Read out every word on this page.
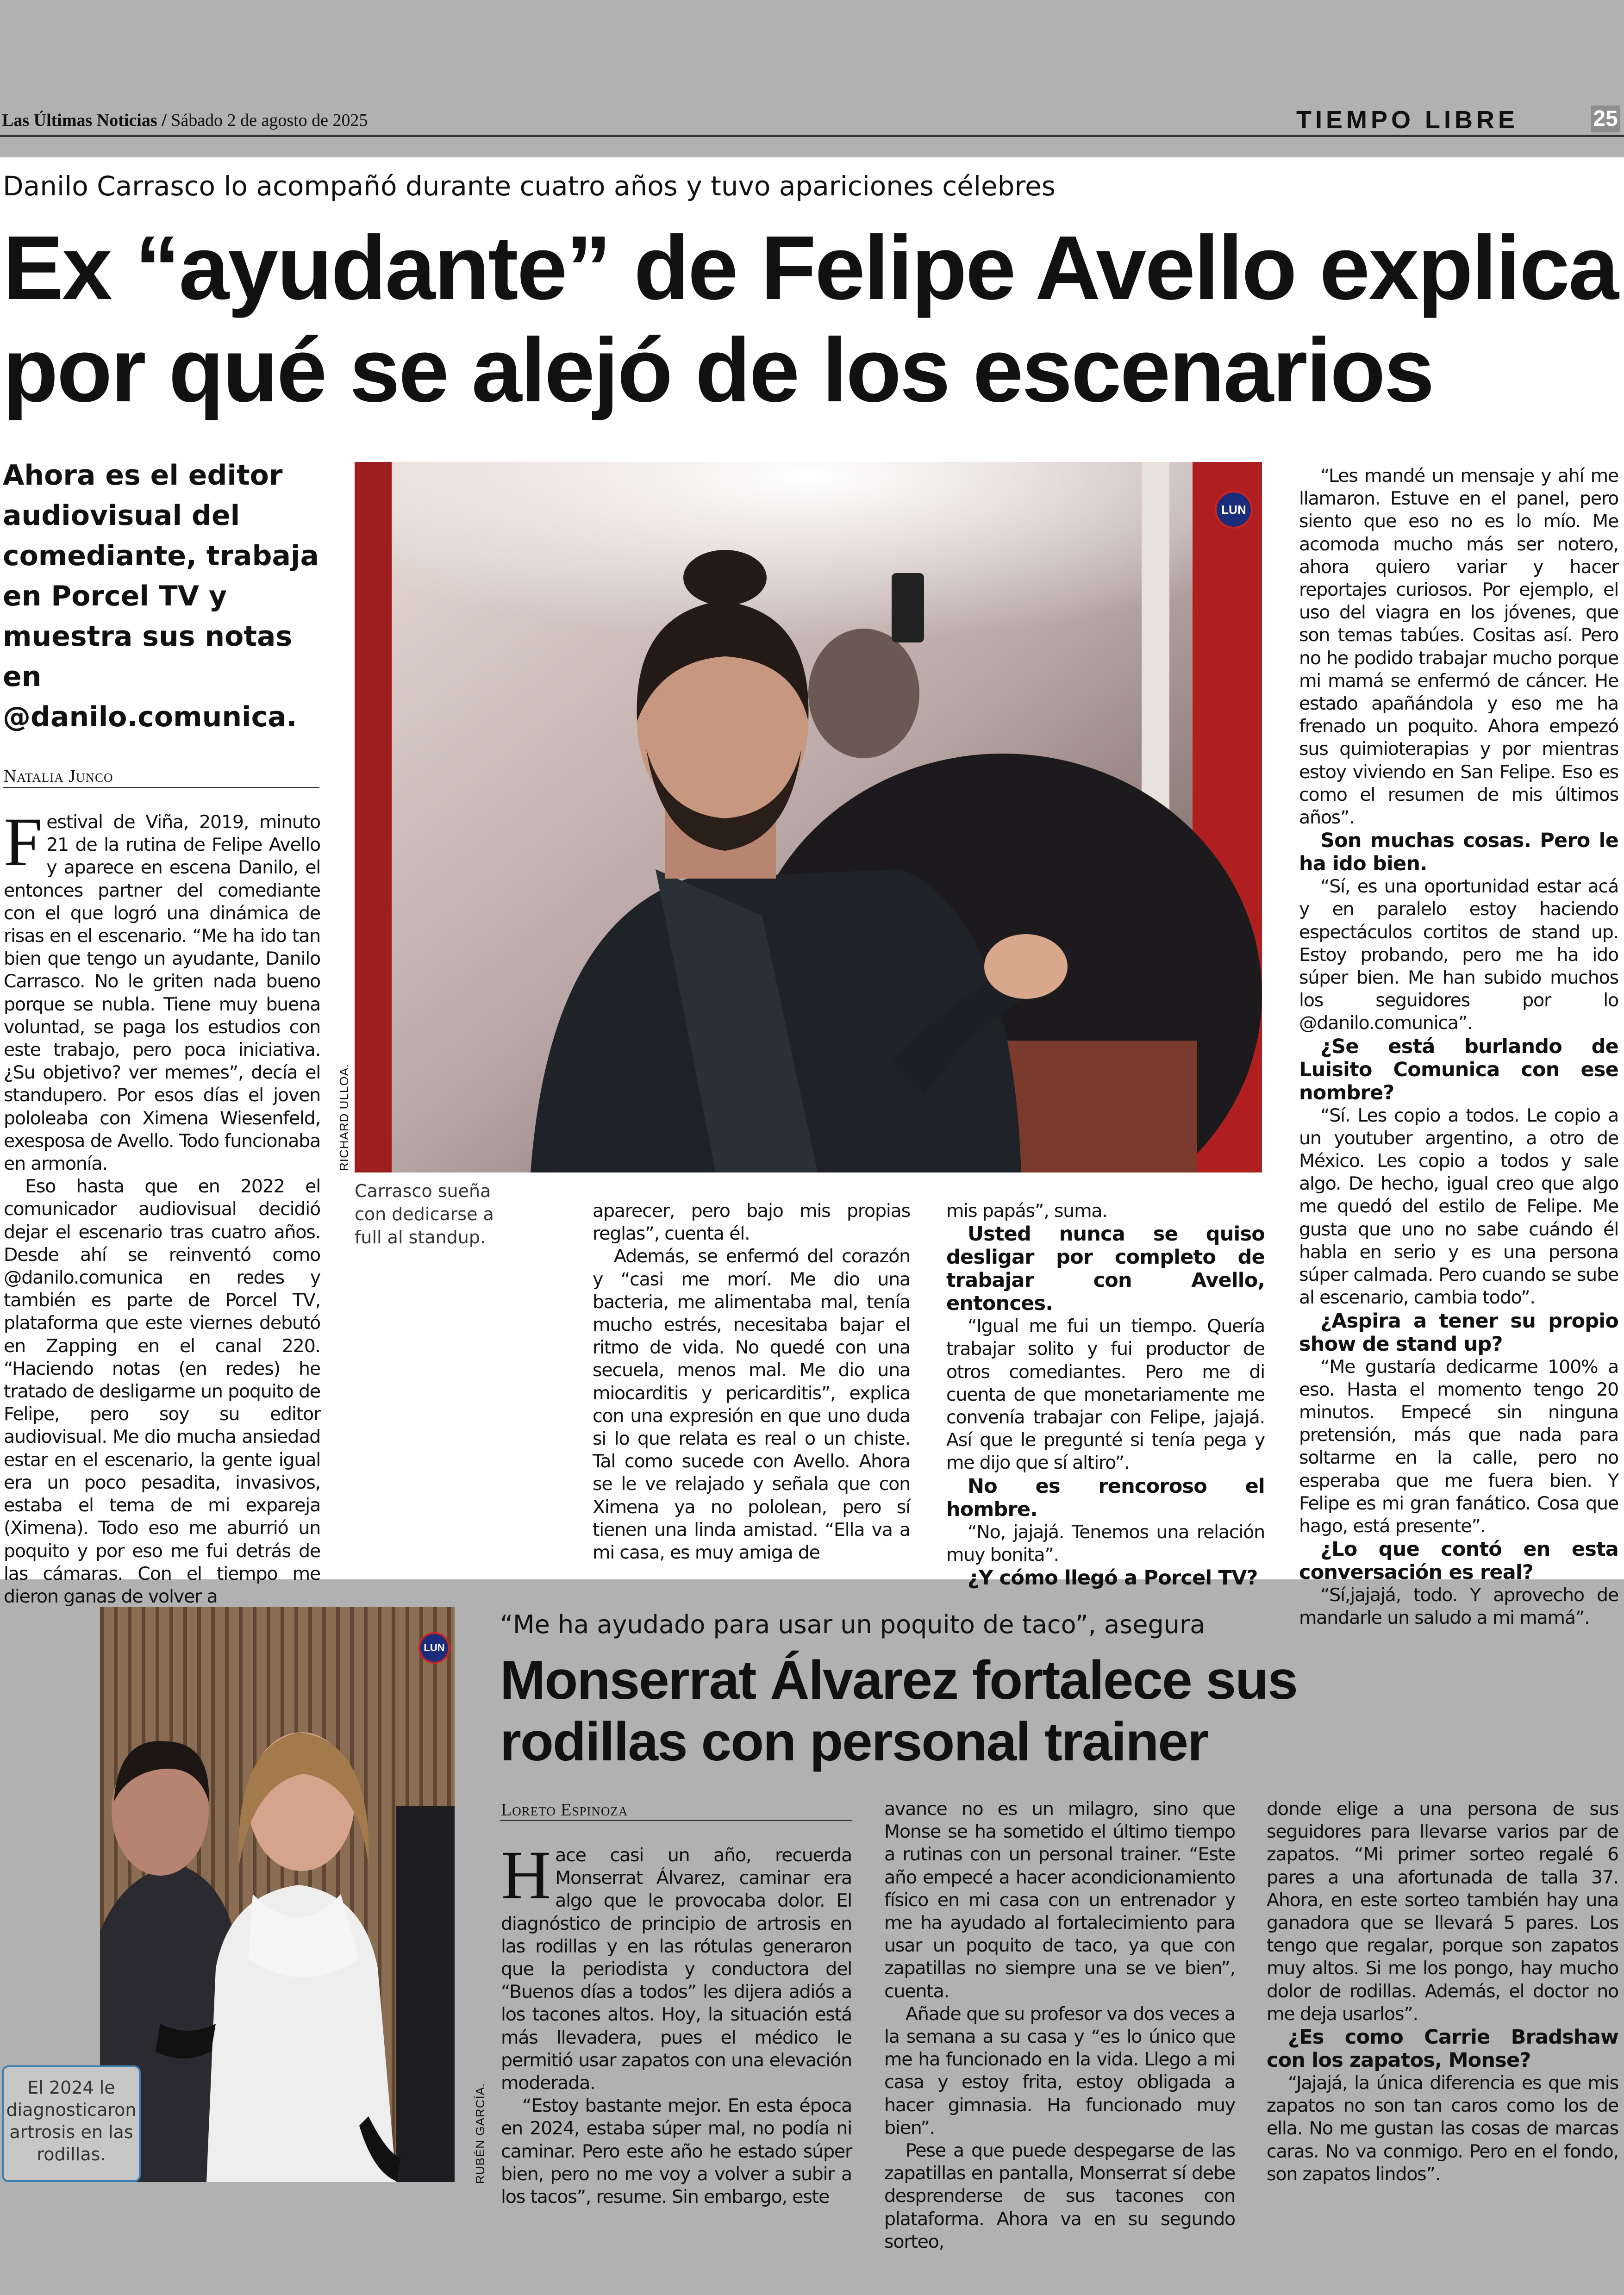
Las Últimas Noticias / Sábado 2 de agosto de 2025	TIEMPO LIBRE	25
Danilo Carrasco lo acompañó durante cuatro años y tuvo apariciones célebres
Ex “ayudante” de Felipe Avello explica
por qué se alejó de los escenarios
Ahora es el editor
audiovisual del
comediante, trabaja
en Porcel TV y
muestra sus notas en
@danilo.comunica.
Natalia Junco
LUN
RICHARD ULLOA.
Carrasco sueña
con dedicarse a
full al standup.

Festival de Viña, 2019, minuto 21 de la rutina de Felipe Avello y aparece en escena Danilo, el entonces partner del comediante con el que logró una dinámica de risas en el escenario. “Me ha ido tan bien que tengo un ayudante, Danilo Carrasco. No le griten nada bueno porque se nubla. Tiene muy buena voluntad, se paga los estudios con este trabajo, pero poca iniciativa. ¿Su objetivo? ver memes”, decía el standupero. Por esos días el joven pololeaba con Ximena Wiesenfeld, exesposa de Avello. Todo funcionaba en armonía.

Eso hasta que en 2022 el comunicador audiovisual decidió dejar el escenario tras cuatro años. Desde ahí se reinventó como @danilo.comunica en redes y también es parte de Porcel TV, plataforma que este viernes debutó en Zapping en el canal 220. “Haciendo notas (en redes) he tratado de desligarme un poquito de Felipe, pero soy su editor audiovisual. Me dio mucha ansiedad estar en el escenario, la gente igual era un poco pesadita, invasivos, estaba el tema de mi expareja (Ximena). Todo eso me aburrió un poquito y por eso me fui detrás de las cámaras. Con el tiempo me dieron ganas de volver a

aparecer, pero bajo mis propias reglas”, cuenta él.

Además, se enfermó del corazón y “casi me morí. Me dio una bacteria, me alimentaba mal, tenía mucho estrés, necesitaba bajar el ritmo de vida. No quedé con una secuela, menos mal. Me dio una miocarditis y pericarditis”, explica con una expresión en que uno duda si lo que relata es real o un chiste. Tal como sucede con Avello. Ahora se le ve relajado y señala que con Ximena ya no pololean, pero sí tienen una linda amistad. “Ella va a mi casa, es muy amiga de

mis papás”, suma.

Usted nunca se quiso desligar por completo de trabajar con Avello, entonces.

“Igual me fui un tiempo. Quería trabajar solito y fui productor de otros comediantes. Pero me di cuenta de que monetariamente me convenía trabajar con Felipe, jajajá. Así que le pregunté si tenía pega y me dijo que sí altiro”.

No es rencoroso el hombre.

“No, jajajá. Tenemos una relación muy bonita”.

¿Y cómo llegó a Porcel TV?

“Les mandé un mensaje y ahí me llamaron. Estuve en el panel, pero siento que eso no es lo mío. Me acomoda mucho más ser notero, ahora quiero variar y hacer reportajes curiosos. Por ejemplo, el uso del viagra en los jóvenes, que son temas tabúes. Cositas así. Pero no he podido trabajar mucho porque mi mamá se enfermó de cáncer. He estado apañándola y eso me ha frenado un poquito. Ahora empezó sus quimioterapias y por mientras estoy viviendo en San Felipe. Eso es como el resumen de mis últimos años”.

Son muchas cosas. Pero le ha ido bien.

“Sí, es una oportunidad estar acá y en paralelo estoy haciendo espectáculos cortitos de stand up. Estoy probando, pero me ha ido súper bien. Me han subido muchos los seguidores por lo @danilo.comunica”.

¿Se está burlando de Luisito Comunica con ese nombre?

“Sí. Les copio a todos. Le copio a un youtuber argentino, a otro de México. Les copio a todos y sale algo. De hecho, igual creo que algo me quedó del estilo de Felipe. Me gusta que uno no sabe cuándo él habla en serio y es una persona súper calmada. Pero cuando se sube al escenario, cambia todo”.

¿Aspira a tener su propio show de stand up?

“Me gustaría dedicarme 100% a eso. Hasta el momento tengo 20 minutos. Empecé sin ninguna pretensión, más que nada para soltarme en la calle, pero no esperaba que me fuera bien. Y Felipe es mi gran fanático. Cosa que hago, está presente”.

¿Lo que contó en esta conversación es real?

“Sí,jajajá, todo. Y aprovecho de mandarle un saludo a mi mamá”.

LUN
RUBÉN GARCÍA.
El 2024 le
diagnosticaron
artrosis en las
rodillas.
“Me ha ayudado para usar un poquito de taco”, asegura
Monserrat Álvarez fortalece sus
rodillas con personal trainer
Loreto Espinoza

Hace casi un año, recuerda Monserrat Álvarez, caminar era algo que le provocaba dolor. El diagnóstico de principio de artrosis en las rodillas y en las rótulas generaron que la periodista y conductora del “Buenos días a todos” les dijera adiós a los tacones altos. Hoy, la situación está más llevadera, pues el médico le permitió usar zapatos con una elevación moderada.

“Estoy bastante mejor. En esta época en 2024, estaba súper mal, no podía ni caminar. Pero este año he estado súper bien, pero no me voy a volver a subir a los tacos”, resume. Sin embargo, este

avance no es un milagro, sino que Monse se ha sometido el último tiempo a rutinas con un personal trainer. “Este año empecé a hacer acondicionamiento físico en mi casa con un entrenador y me ha ayudado al fortalecimiento para usar un poquito de taco, ya que con zapatillas no siempre una se ve bien”, cuenta.

Añade que su profesor va dos veces a la semana a su casa y “es lo único que me ha funcionado en la vida. Llego a mi casa y estoy frita, estoy obligada a hacer gimnasia. Ha funcionado muy bien”.

Pese a que puede despegarse de las zapatillas en pantalla, Monserrat sí debe desprenderse de sus tacones con plataforma. Ahora va en su segundo sorteo,

donde elige a una persona de sus seguidores para llevarse varios par de zapatos. “Mi primer sorteo regalé 6 pares a una afortunada de talla 37. Ahora, en este sorteo también hay una ganadora que se llevará 5 pares. Los tengo que regalar, porque son zapatos muy altos. Si me los pongo, hay mucho dolor de rodillas. Además, el doctor no me deja usarlos”.

¿Es como Carrie Bradshaw con los zapatos, Monse?

“Jajajá, la única diferencia es que mis zapatos no son tan caros como los de ella. No me gustan las cosas de marcas caras. No va conmigo. Pero en el fondo, son zapatos lindos”.
